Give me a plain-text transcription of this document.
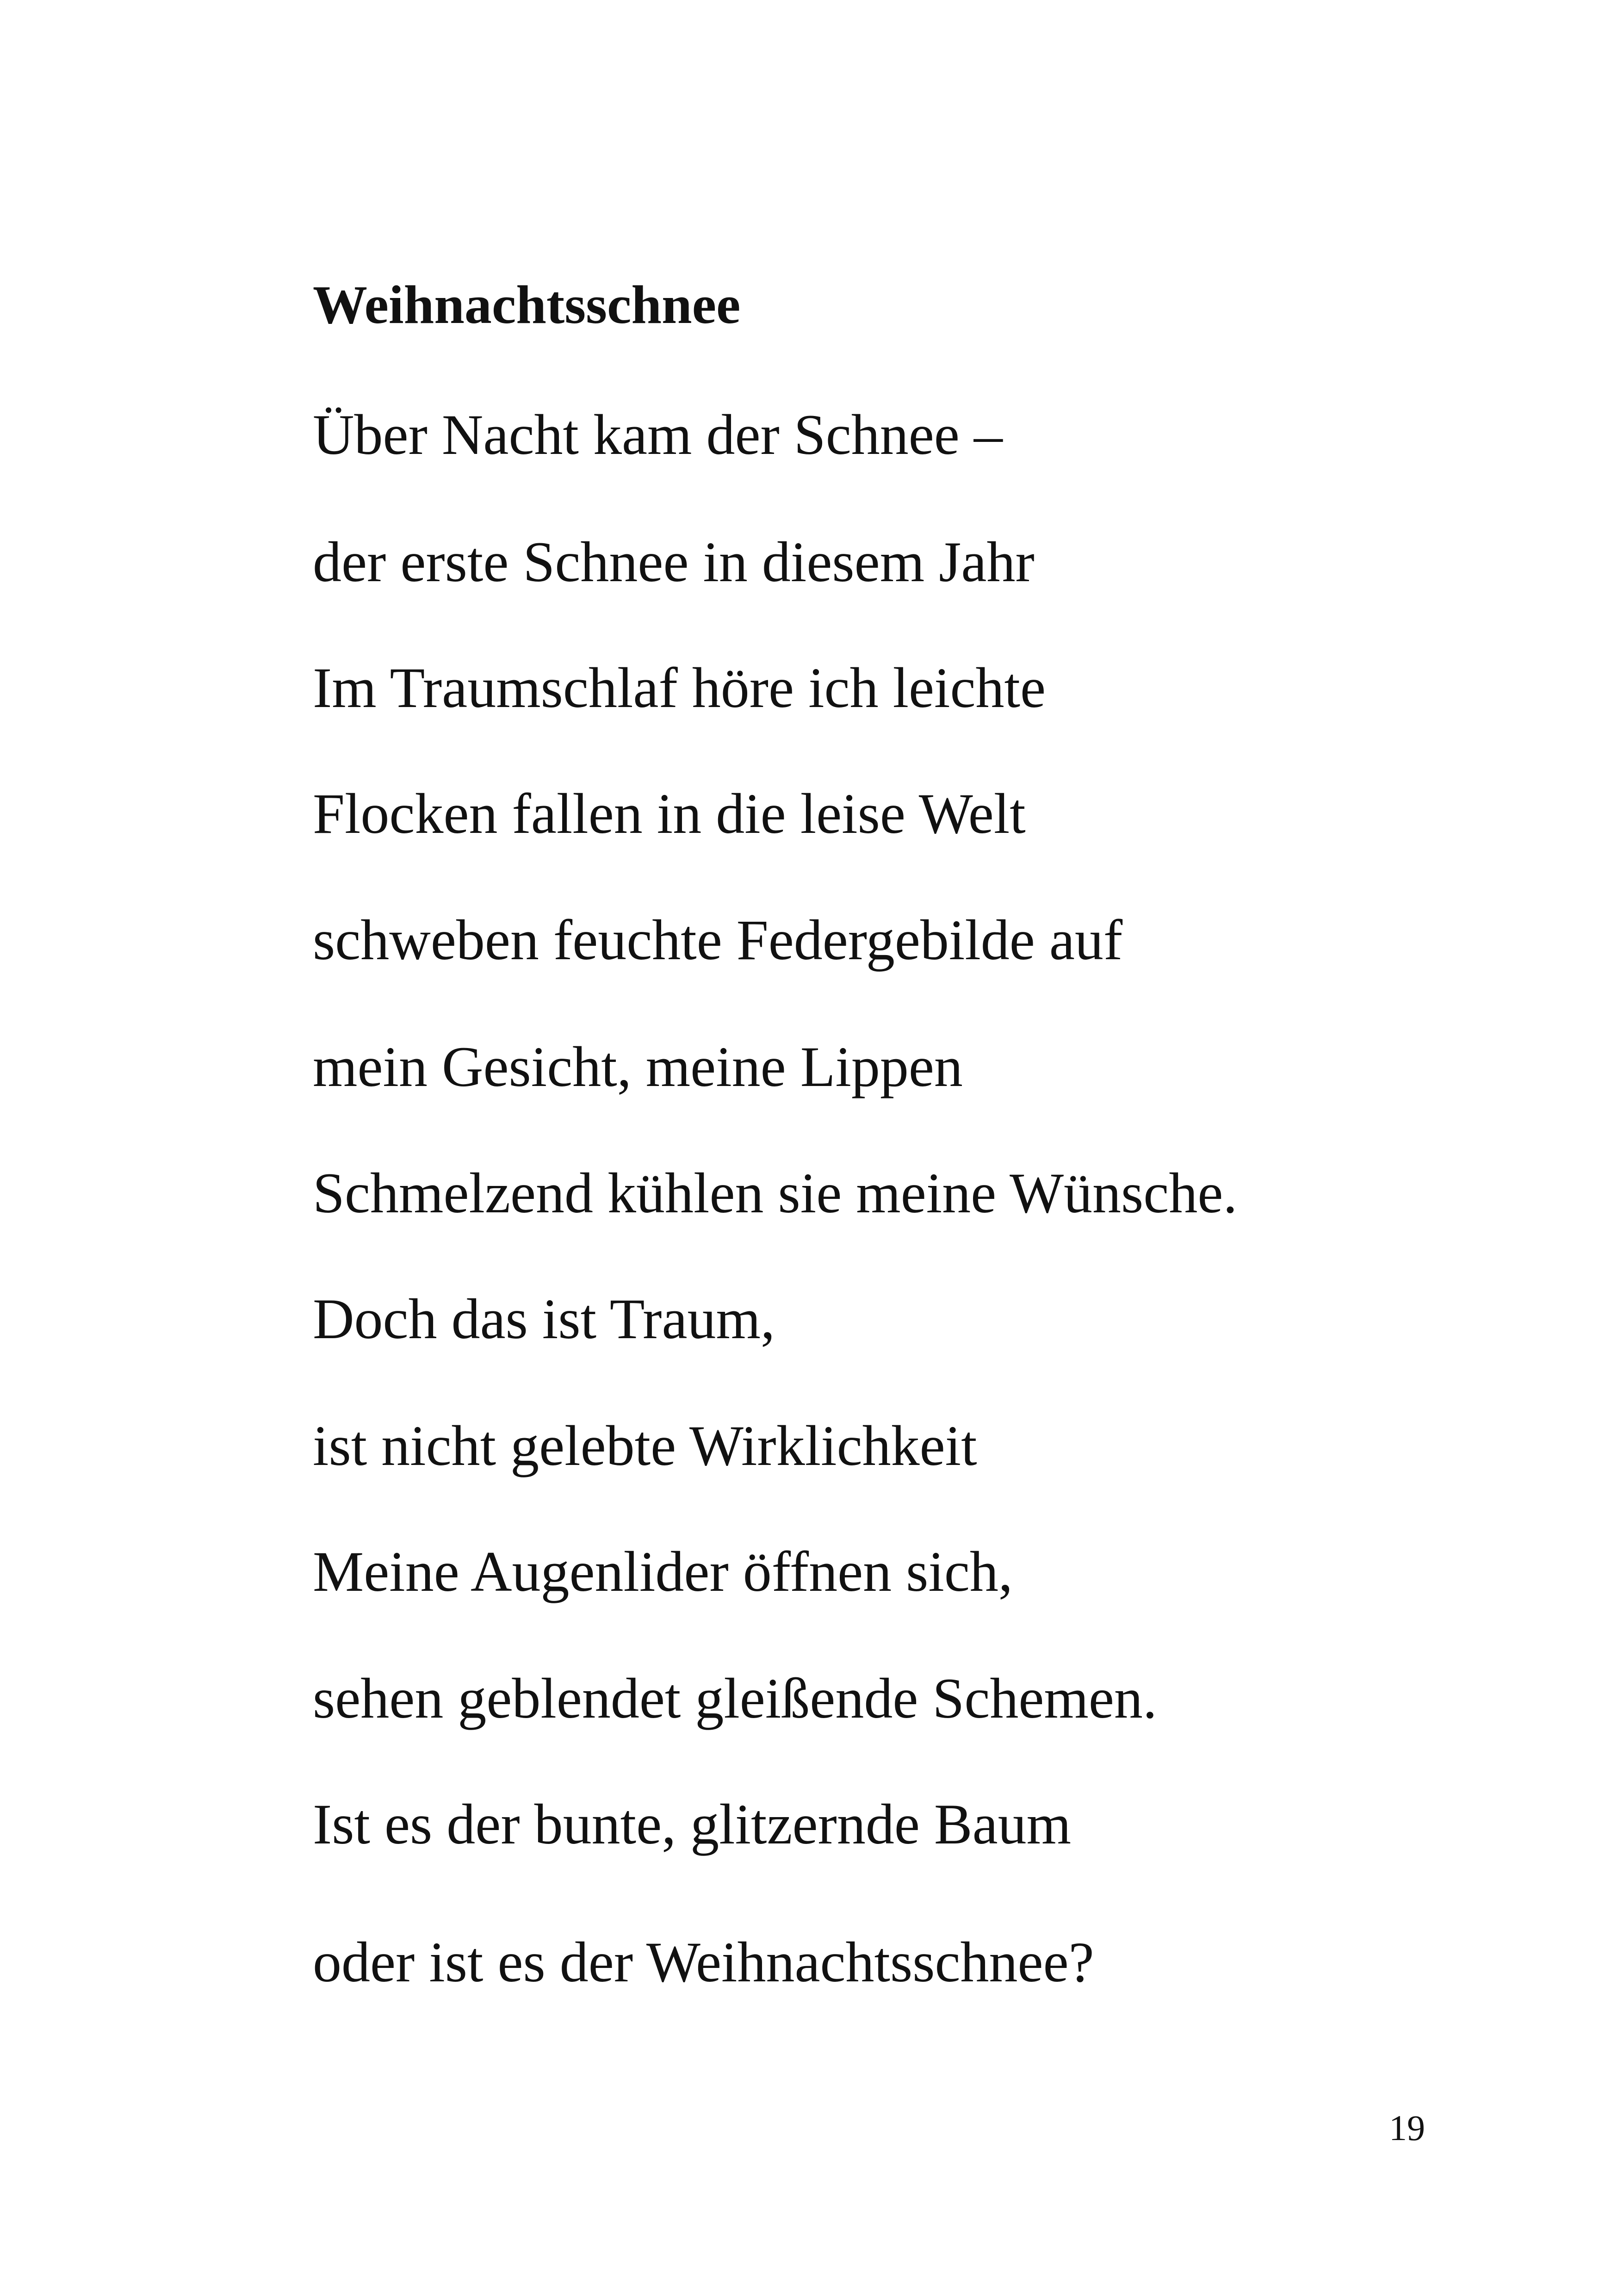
Weihnachtsschnee

Über Nacht kam der Schnee –

der erste Schnee in diesem Jahr

Im Traumschlaf höre ich leichte

Flocken fallen in die leise Welt

schweben feuchte Federgebilde auf

mein Gesicht, meine Lippen

Schmelzend kühlen sie meine Wünsche.

Doch das ist Traum,

ist nicht gelebte Wirklichkeit

Meine Augenlider öffnen sich,

sehen geblendet gleißende Schemen.

Ist es der bunte, glitzernde Baum

oder ist es der Weihnachtsschnee?

19
